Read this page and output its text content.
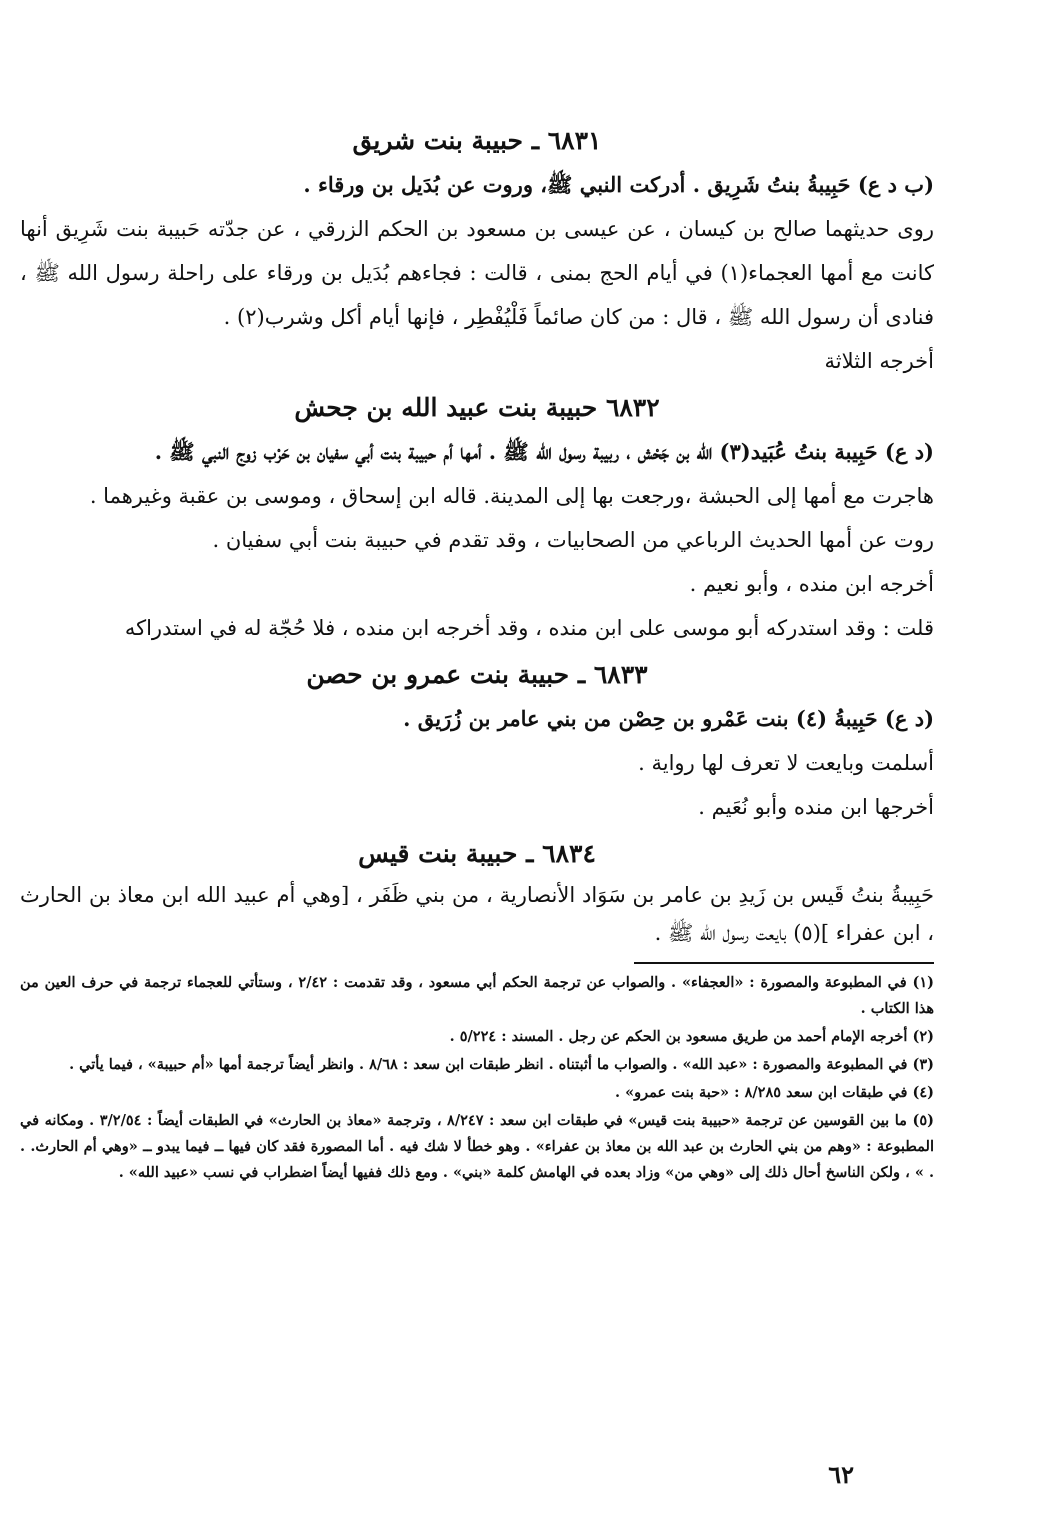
٦٨٣١ ـ حبيبة بنت شريق

(ب د ع) حَبِيبةُ بنتُ شَرِيق . أدركت النبي ﷺ، وروت عن بُدَيل بن ورقاء .

روى حديثهما صالح بن كيسان ، عن عيسى بن مسعود بن الحكم الزرقي ، عن جدّته حَبيبة بنت شَرِيق أنها كانت مع أمها العجماء(١) في أيام الحج بمنى ، قالت : فجاءهم بُدَيل بن ورقاء على راحلة رسول الله ﷺ ، فنادى أن رسول الله ﷺ ، قال : من كان صائماً فَلْيُفْطِر ، فإنها أيام أكل وشرب(٢) .

أخرجه الثلاثة

٦٨٣٢ حبيبة بنت عبيد الله بن جحش

(د ع) حَبِيبة بنتُ عُبَيد(٣) الله بن جَحْش ، ربيبة رسول الله ﷺ . أمها أم حبيبة بنت أبي سفيان بن حَرْب زوج النبي ﷺ .

هاجرت مع أمها إلى الحبشة ،ورجعت بها إلى المدينة. قاله ابن إسحاق ، وموسى بن عقبة وغيرهما .

روت عن أمها الحديث الرباعي من الصحابيات ، وقد تقدم في حبيبة بنت أبي سفيان .

أخرجه ابن منده ، وأبو نعيم .

قلت : وقد استدركه أبو موسى على ابن منده ، وقد أخرجه ابن منده ، فلا حُجّة له في استدراكه

٦٨٣٣ ـ حبيبة بنت عمرو بن حصن

(د ع) حَبِيبةُ (٤) بنت عَمْرو بن حِصْن من بني عامر بن زُرَيق .

أسلمت وبايعت لا تعرف لها رواية .

أخرجها ابن منده وأبو نُعَيم .

٦٨٣٤ ـ حبيبة بنت قيس

حَبِيبةُ بنتُ قَيس بن زَيدِ بن عامر بن سَوَاد الأنصارية ، من بني ظَفَر ، [وهي أم عبيد الله ابن معاذ بن الحارث ، ابن عفراء ](٥) بايعت رسول الله ﷺ .

(١) في المطبوعة والمصورة : «العجفاء» . والصواب عن ترجمة الحكم أبي مسعود ، وقد تقدمت : ٢/٤٢ ، وستأتي للعجماء ترجمة في حرف العين من هذا الكتاب .

(٢) أخرجه الإمام أحمد من طريق مسعود بن الحكم عن رجل . المسند : ٥/٢٢٤ .

(٣) في المطبوعة والمصورة : «عبد الله» . والصواب ما أثبتناه . انظر طبقات ابن سعد : ٨/٦٨ . وانظر أيضاً ترجمة أمها «أم حبيبة» ، فيما يأتي .

(٤) في طبقات ابن سعد ٨/٢٨٥ : «حبة بنت عمرو» .

(٥) ما بين القوسين عن ترجمة «حبيبة بنت قيس» في طبقات ابن سعد : ٨/٢٤٧ ، وترجمة «معاذ بن الحارث» في الطبقات أيضاً : ٣/٢/٥٤ . ومكانه في المطبوعة : «وهم من بني الحارث بن عبد الله بن معاذ بن عفراء» . وهو خطأ لا شك فيه . أما المصورة فقد كان فيها ــ فيما يبدو ــ «وهي أم الحارث. . . » ، ولكن الناسخ أحال ذلك إلى «وهي من» وزاد بعده في الهامش كلمة «بني» . ومع ذلك ففيها أيضاً اضطراب في نسب «عبيد الله» .

٦٢
